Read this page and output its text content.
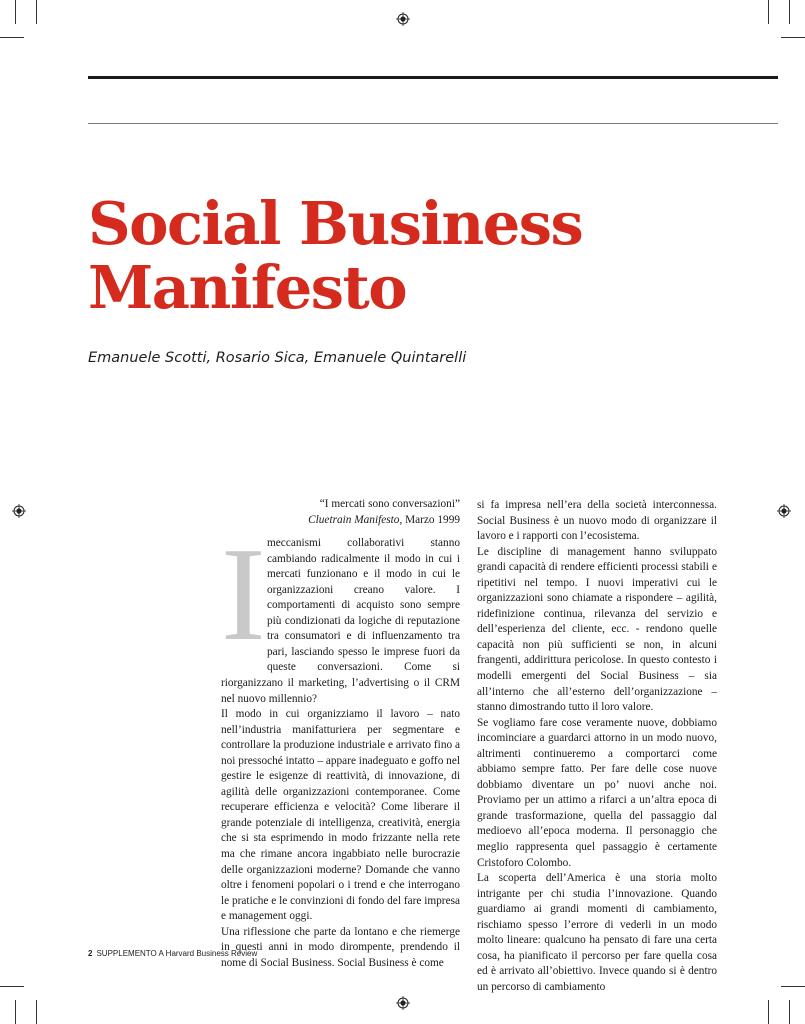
Social Business
Manifesto
Emanuele Scotti, Rosario Sica, Emanuele Quintarelli
“I mercati sono conversazioni”
Cluetrain Manifesto, Marzo 1999
I meccanismi collaborativi stanno cambiando radicalmente il modo in cui i mercati funzionano e il modo in cui le organizzazioni creano valore. I comportamenti di acquisto sono sempre più condizionati da logiche di reputazione tra consumatori e di influenzamento tra pari, lasciando spesso le imprese fuori da queste conversazioni. Come si riorganizzano il marketing, l’advertising o il CRM nel nuovo millennio?

Il modo in cui organizziamo il lavoro – nato nell’industria manifatturiera per segmentare e controllare la produzione industriale e arrivato fino a noi pressoché intatto – appare inadeguato e goffo nel gestire le esigenze di reattività, di innovazione, di agilità delle organizzazioni contemporanee. Come recuperare efficienza e velocità? Come liberare il grande potenziale di intelligenza, creatività, energia che si sta esprimendo in modo frizzante nella rete ma che rimane ancora ingabbiato nelle burocrazie delle organizzazioni moderne? Domande che vanno oltre i fenomeni popolari o i trend e che interrogano le pratiche e le convinzioni di fondo del fare impresa e management oggi.

Una riflessione che parte da lontano e che riemerge in questi anni in modo dirompente, prendendo il nome di Social Business. Social Business è come

si fa impresa nell’era della società interconnessa. Social Business è un nuovo modo di organizzare il lavoro e i rapporti con l’ecosistema.

Le discipline di management hanno sviluppato grandi capacità di rendere efficienti processi stabili e ripetitivi nel tempo. I nuovi imperativi cui le organizzazioni sono chiamate a rispondere – agilità, ridefinizione continua, rilevanza del servizio e dell’esperienza del cliente, ecc. - rendono quelle capacità non più sufficienti se non, in alcuni frangenti, addirittura pericolose. In questo contesto i modelli emergenti del Social Business – sia all’interno che all’esterno dell’organizzazione – stanno dimostrando tutto il loro valore.

Se vogliamo fare cose veramente nuove, dobbiamo incominciare a guardarci attorno in un modo nuovo, altrimenti continueremo a comportarci come abbiamo sempre fatto. Per fare delle cose nuove dobbiamo diventare un po’ nuovi anche noi. Proviamo per un attimo a rifarci a un’altra epoca di grande trasformazione, quella del passaggio dal medioevo all’epoca moderna. Il personaggio che meglio rappresenta quel passaggio è certamente Cristoforo Colombo.

La scoperta dell’America è una storia molto intrigante per chi studia l’innovazione. Quando guardiamo ai grandi momenti di cambiamento, rischiamo spesso l’errore di vederli in un modo molto lineare: qualcuno ha pensato di fare una certa cosa, ha pianificato il percorso per fare quella cosa ed è arrivato all’obiettivo. Invece quando si è dentro un percorso di cambiamento

2 SUPPLEMENTO A Harvard Business Review
